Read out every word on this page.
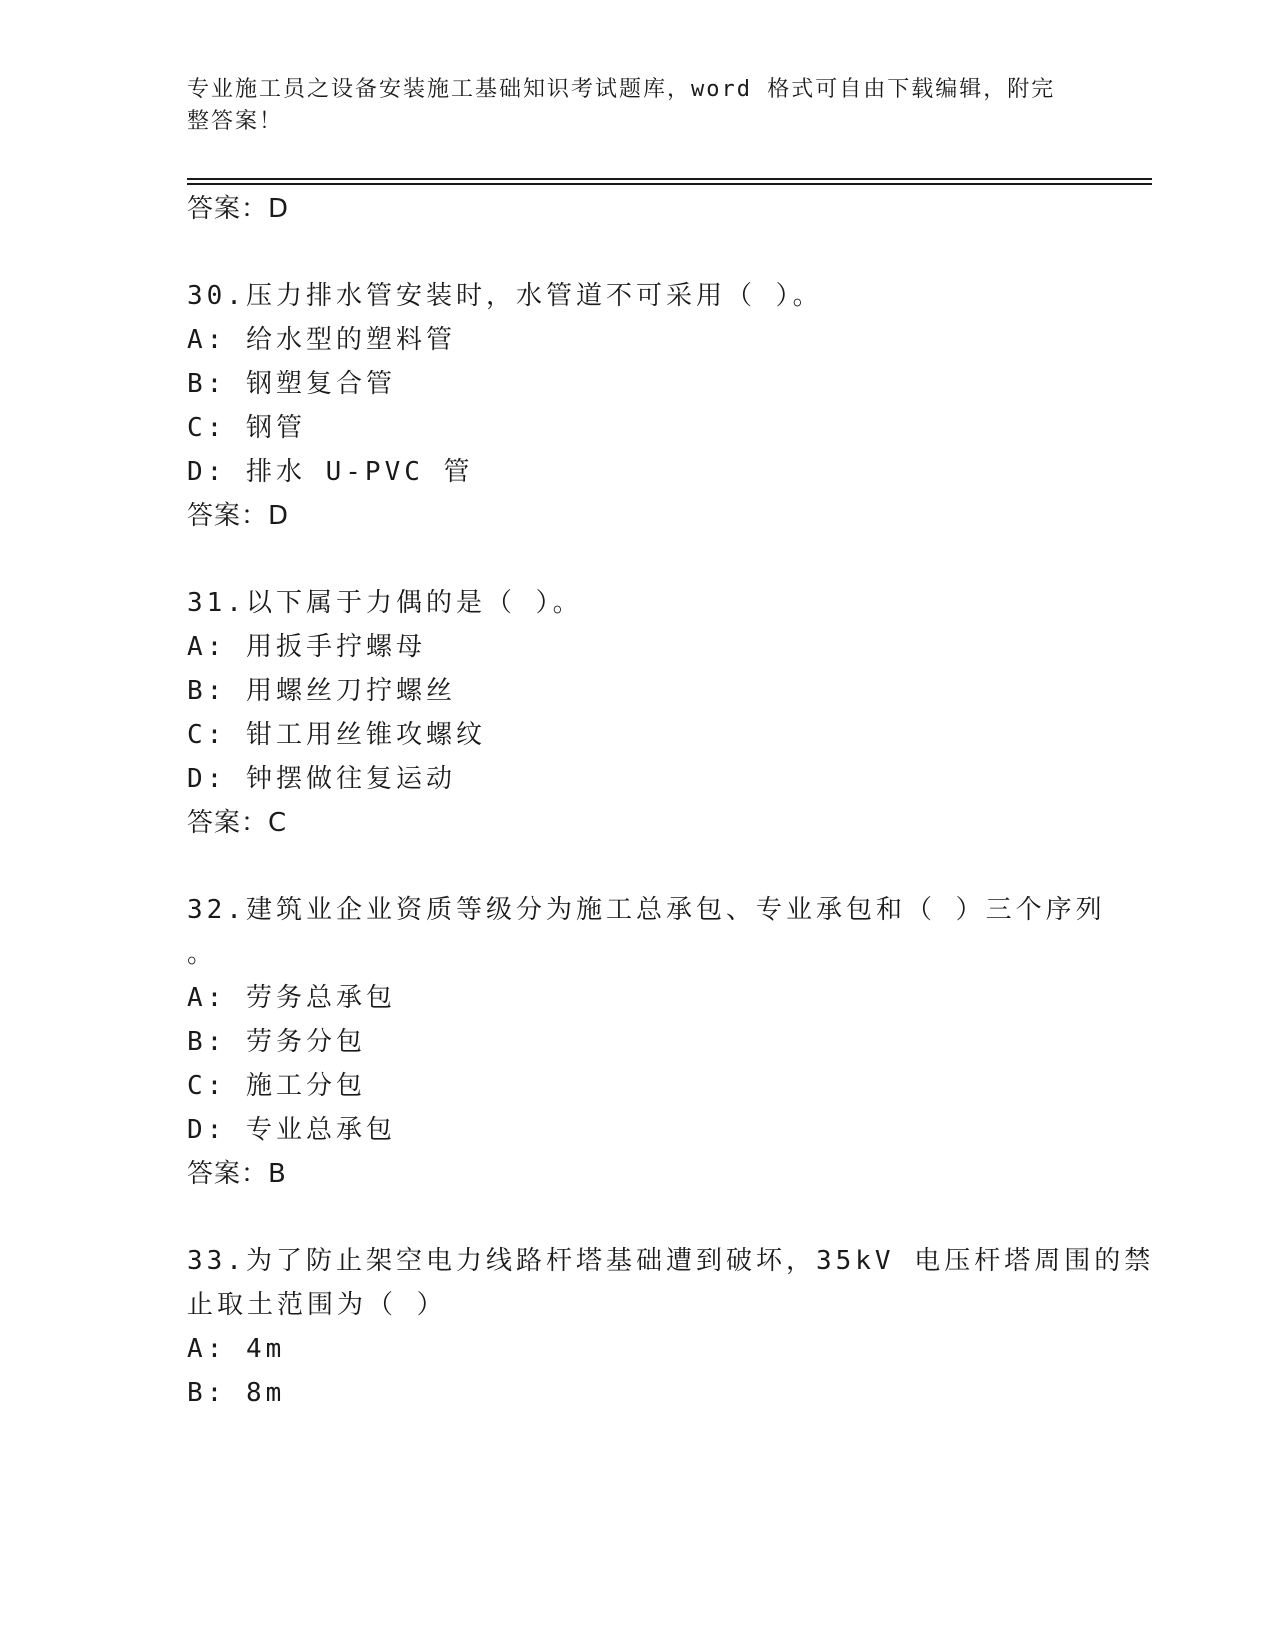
专业施工员之设备安装施工基础知识考试题库，word 格式可自由下载编辑，附完整答案！
答案：D
30.压力排水管安装时，水管道不可采用（ ）。
A: 给水型的塑料管
B: 钢塑复合管
C: 钢管
D: 排水 U-PVC 管
答案：D
31.以下属于力偶的是（ ）。
A: 用扳手拧螺母
B: 用螺丝刀拧螺丝
C: 钳工用丝锥攻螺纹
D: 钟摆做往复运动
答案：C
32.建筑业企业资质等级分为施工总承包、专业承包和（ ）三个序列
。
A: 劳务总承包
B: 劳务分包
C: 施工分包
D: 专业总承包
答案：B
33.为了防止架空电力线路杆塔基础遭到破坏，35kV 电压杆塔周围的禁
止取土范围为（ ）
A: 4m
B: 8m
